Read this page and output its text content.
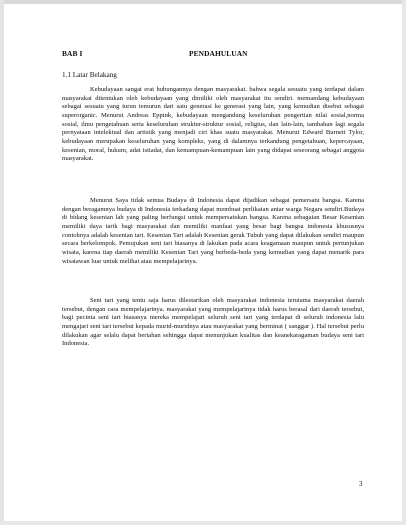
BAB I	PENDAHULUAN
1.1 Latar Belakang

Kebudayaan sangat erat hubungannya dengan masyarakat. bahwa segala sesuatu yang terdapat dalam masyarakat ditentukan oleh kebudayaan yang dimiliki oleh masyarakat itu sendiri. memandang kebudayaan sebagai sesuatu yang turun temurun dari satu generasi ke generasi yang lain, yang kemudian disebut sebagai superorganic. Menurut Andreas Eppink, kebudayaan mengandung keseluruhan pengertian nilai sosial,norma sosial, ilmu pengetahuan serta keseluruhan struktur-struktur sosial, religius, dan lain-lain, tambahan lagi segala pernyataan intelektual dan artistik yang menjadi ciri khas suatu masyarakat. Menurut Edward Burnett Tylor, kebudayaan merupakan keseluruhan yang kompleks, yang di dalamnya terkandung pengetahuan, kepercayaan, kesenian, moral, hukum, adat istiadat, dan kemampuan-kemampuan lain yang didapat seseorang sebagai anggota masyarakat.

Menurut Saya tidak semua Budaya di Indonesia dapat dijadikan sebagai pemersatu bangsa. Karena dengan beragamnya budaya di Indonesia terkadang dapat membuat perlikaian antar warga Negara sendiri.Budaya di bidang kesenian lah yang paling berfungsi untuk mempersatukan bangsa. Karena sebagaian Besar Kesenian memiliki daya tarik bagi masyarakat dan memiliki manfaat yang besar bagi bangsa indonesia khususnya contohnya adalah kesenian tari. Kesenian Tari adalah Kesenian gerak Tubuh yang dapat dilakukan sendiri maupun secara berkelompok. Pemujukan seni tari biasanya di lakukan pada acara keagamaan maupun untuk pertunjukan wisata, karena tiap daerah memiliki Kesenian Tari yang berbeda-beda yang kemudian yang dapat menarik para wisatawan luar untuk melihat atau mempelajarinya.

Seni tari yang tentu saja harus dilestarikan oleh masyarakat indonesia terutama masyarakat daerah tersebut, dengan cara mempelajarinya. masyarakat yang mempelajarinya tidak harus berasal dari daerah tersebut, bagi pecinta seni tari biasanya mereka mempelajari seluruh seni tari yang terdapat di seluruh indonesia lalu mengajari seni tari tersebut kepada murid-muridnya atau masyarakat yang berminat ( sanggar ). Hal tersebut perlu dilakukan agar selalu dapat bertahan sehingga dapat menunjukan kualitas dan keanekaragaman budaya seni tari Indonesia.

3
